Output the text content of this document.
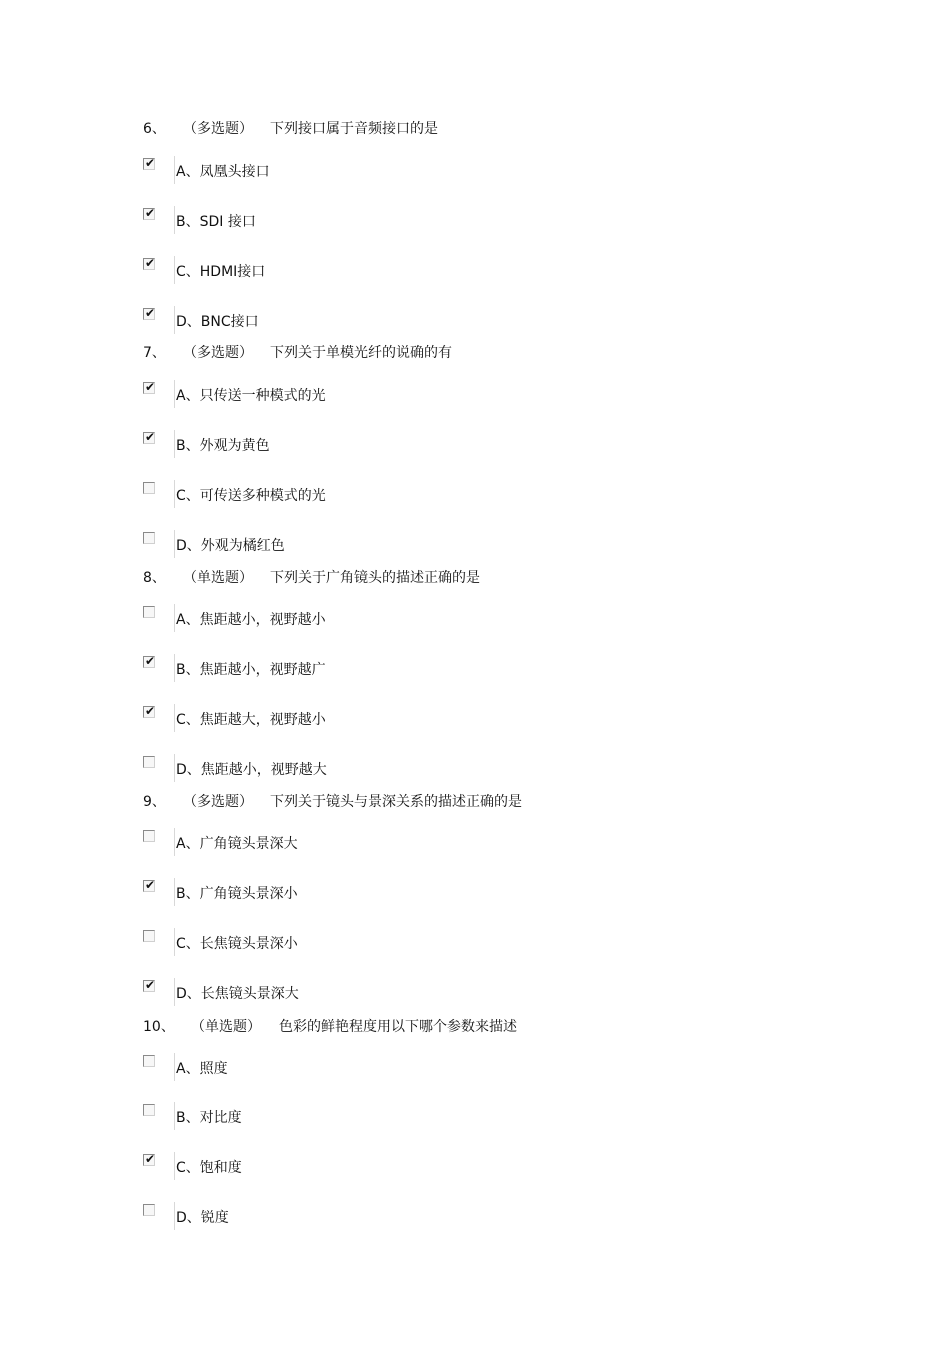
6、 （多选题） 下列接口属于音频接口的是
✔
A、凤凰头接口
✔
B、SDI 接口
✔
C、HDMI接口
✔
D、BNC接口
7、 （多选题） 下列关于单模光纤的说确的有
✔
A、只传送一种模式的光
✔
B、外观为黄色
C、可传送多种模式的光
D、外观为橘红色
8、 （单选题） 下列关于广角镜头的描述正确的是
A、焦距越小，视野越小
✔
B、焦距越小，视野越广
✔
C、焦距越大，视野越小
D、焦距越小，视野越大
9、 （多选题） 下列关于镜头与景深关系的描述正确的是
A、广角镜头景深大
✔
B、广角镜头景深小
C、长焦镜头景深小
✔
D、长焦镜头景深大
10、 （单选题） 色彩的鲜艳程度用以下哪个参数来描述
A、照度
B、对比度
✔
C、饱和度
D、锐度
